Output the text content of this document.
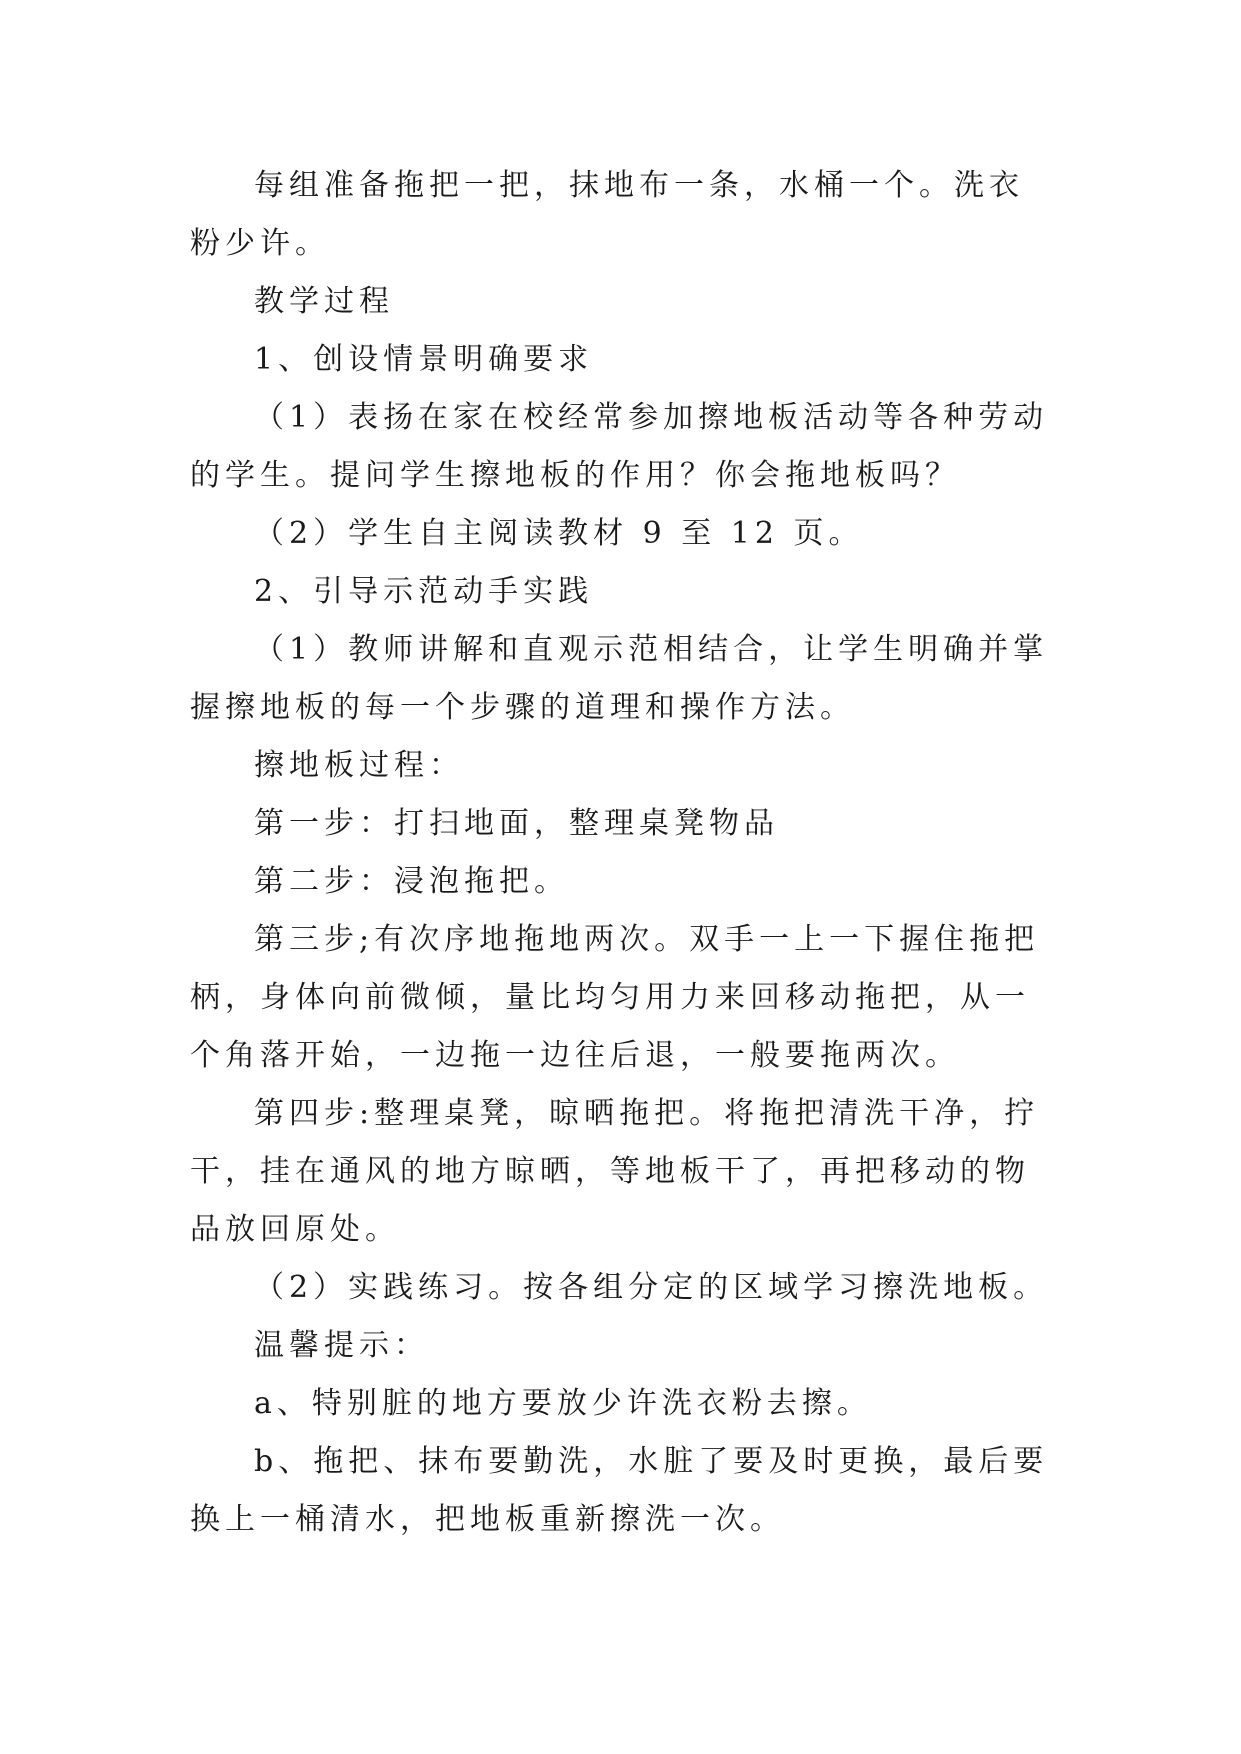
每组准备拖把一把，抹地布一条，水桶一个。洗衣粉少许。

教学过程

1、创设情景明确要求

（1）表扬在家在校经常参加擦地板活动等各种劳动的学生。提问学生擦地板的作用？你会拖地板吗？

（2）学生自主阅读教材 9 至 12 页。

2、引导示范动手实践

（1）教师讲解和直观示范相结合，让学生明确并掌握擦地板的每一个步骤的道理和操作方法。

擦地板过程：

第一步：打扫地面，整理桌凳物品

第二步：浸泡拖把。

第三步;有次序地拖地两次。双手一上一下握住拖把柄，身体向前微倾，量比均匀用力来回移动拖把，从一个角落开始，一边拖一边往后退，一般要拖两次。

第四步:整理桌凳，晾晒拖把。将拖把清洗干净，拧干，挂在通风的地方晾晒，等地板干了，再把移动的物品放回原处。

（2）实践练习。按各组分定的区域学习擦洗地板。

温馨提示：

a、特别脏的地方要放少许洗衣粉去擦。

b、拖把、抹布要勤洗，水脏了要及时更换，最后要换上一桶清水，把地板重新擦洗一次。
